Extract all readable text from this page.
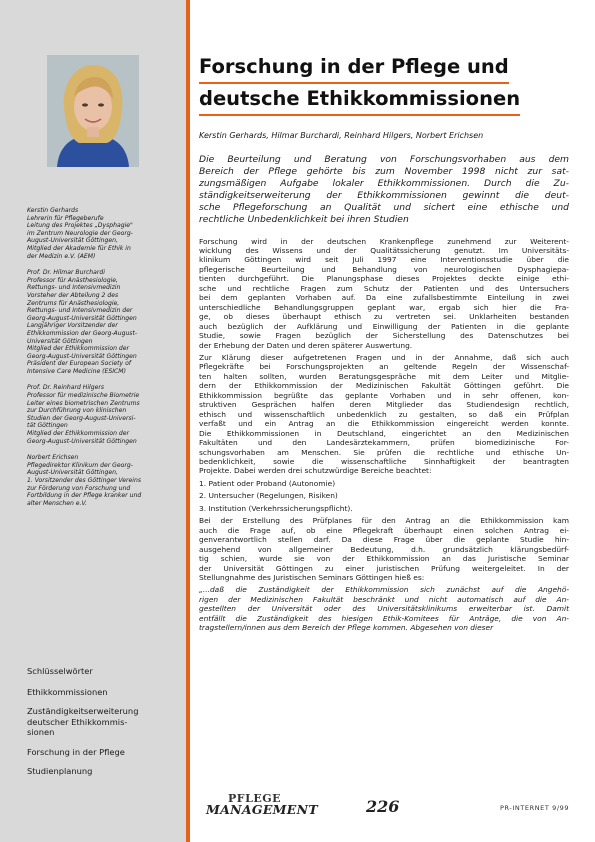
Kerstin Gerhards
Lehrerin für Pflegeberufe
Leitung des Projektes „Dysphagie"
im Zentrum Neurologie der Georg-
August-Universität Göttingen,
Mitglied der Akademie für Ethik in
der Medizin e.V. (AEM)
Prof. Dr. Hilmar Burchardi
Professor für Anästhesiologie,
Rettungs- und Intensivmedizin
Vorsteher der Abteilung 2 des
Zentrums für Anästhesiologie,
Rettungs- und Intensivmedizin der
Georg-August-Universität Göttingen
Langjähriger Vorsitzender der
Ethikkommission der Georg-August-
Universität Göttingen
Mitglied der Ethikkommission der
Georg-August-Universität Göttingen
Präsident der European Society of
Intensive Care Medicine (ESICM)
Prof. Dr. Reinhard Hilgers
Professor für medizinische Biometrie
Leiter eines biometrischen Zentrums
zur Durchführung von klinischen
Studien der Georg-August-Universi-
tät Göttingen
Mitglied der Ethikkommission der
Georg-August-Universität Göttingen
Norbert Erichsen
Pflegedirektor Klinikum der Georg-
August-Universität Göttingen,
1. Vorsitzender des Göttinger Vereins
zur Förderung von Forschung und
Fortbildung in der Pflege kranker und
alter Menschen e.V.
Schlüsselwörter
Ethikkommissionen
Zuständigkeitserweiterung
deutscher Ethikkommis-
sionen
Forschung in der Pflege
Studienplanung
Forschung in der Pflege und
deutsche Ethikkommissionen
Kerstin Gerhards, Hilmar Burchardi, Reinhard Hilgers, Norbert Erichsen
Die Beurteilung und Beratung von Forschungsvorhaben aus dem
Bereich der Pflege gehörte bis zum November 1998 nicht zur sat-
zungsmäßigen Aufgabe lokaler Ethikkommissionen. Durch die Zu-
ständigkeitserweiterung der Ethikkommissionen gewinnt die deut-
sche Pflegeforschung an Qualität und sichert eine ethische und
rechtliche Unbedenklichkeit bei ihren Studien
Forschung wird in der deutschen Krankenpflege zunehmend zur Weiterent-
wicklung des Wissens und der Qualitätssicherung genutzt. Im Universitäts-
klinikum Göttingen wird seit Juli 1997 eine Interventionsstudie über die
pflegerische Beurteilung und Behandlung von neurologischen Dysphagiepa-
tienten durchgeführt. Die Planungsphase dieses Projektes deckte einige ethi-
sche und rechtliche Fragen zum Schutz der Patienten und des Untersuchers
bei dem geplanten Vorhaben auf. Da eine zufallsbestimmte Einteilung in zwei
unterschiedliche Behandlungsgruppen geplant war, ergab sich hier die Fra-
ge, ob dieses überhaupt ethisch zu vertreten sei. Unklarheiten bestanden
auch bezüglich der Aufklärung und Einwilligung der Patienten in die geplante
Studie, sowie Fragen bezüglich der Sicherstellung des Datenschutzes bei
der Erhebung der Daten und deren späterer Auswertung.
Zur Klärung dieser aufgetretenen Fragen und in der Annahme, daß sich auch
Pflegekräfte bei Forschungsprojekten an geltende Regeln der Wissenschaf-
ten halten sollten, wurden Beratungsgespräche mit dem Leiter und Mitglie-
dern der Ethikkommission der Medizinischen Fakultät Göttingen geführt. Die
Ethikkommission begrüßte das geplante Vorhaben und in sehr offenen, kon-
struktiven Gesprächen halfen deren Mitglieder das Studiendesign rechtlich,
ethisch und wissenschaftlich unbedenklich zu gestalten, so daß ein Prüfplan
verfaßt und ein Antrag an die Ethikkommission eingereicht werden konnte.
Die Ethikkommissionen in Deutschland, eingerichtet an den Medizinischen
Fakultäten und den Landesärztekammern, prüfen biomedizinische For-
schungsvorhaben am Menschen. Sie prüfen die rechtliche und ethische Un-
bedenklichkeit, sowie die wissenschaftliche Sinnhaftigkeit der beantragten
Projekte. Dabei werden drei schutzwürdige Bereiche beachtet:
1. Patient oder Proband (Autonomie)
2. Untersucher (Regelungen, Risiken)
3. Institution (Verkehrssicherungspflicht).
Bei der Erstellung des Prüfplanes für den Antrag an die Ethikkommission kam
auch die Frage auf, ob eine Pflegekraft überhaupt einen solchen Antrag ei-
genverantwortlich stellen darf. Da diese Frage über die geplante Studie hin-
ausgehend von allgemeiner Bedeutung, d.h. grundsätzlich klärungsbedürf-
tig schien, wurde sie von der Ethikkommission an das Juristische Seminar
der Universität Göttingen zu einer juristischen Prüfung weitergeleitet. In der
Stellungnahme des Juristischen Seminars Göttingen hieß es:
„...daß die Zuständigkeit der Ethikkommission sich zunächst auf die Angehö-
rigen der Medizinischen Fakultät beschränkt und nicht automatisch auf die An-
gestellten der Universität oder des Universitätsklinikums erweiterbar ist. Damit
entfällt die Zuständigkeit des hiesigen Ethik-Komitees für Anträge, die von An-
tragstellern/innen aus dem Bereich der Pflege kommen. Abgesehen von dieser
PFLEGE
MANAGEMENT	226	PR-INTERNET 9/99
